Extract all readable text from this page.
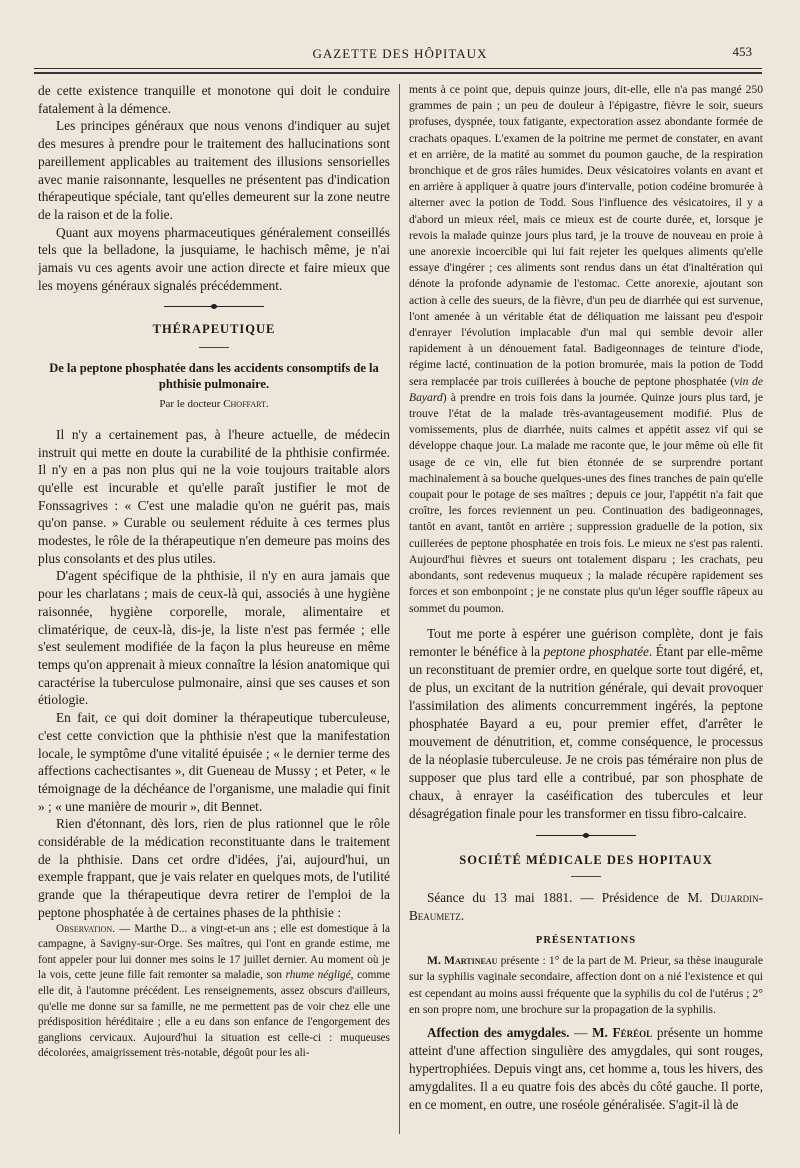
GAZETTE DES HÔPITAUX	453

de cette existence tranquille et monotone qui doit le conduire fatalement à la démence.

Les principes généraux que nous venons d'indiquer au sujet des mesures à prendre pour le traitement des hallucinations sont pareillement applicables au traitement des illusions sensorielles avec manie raisonnante, lesquelles ne présentent pas d'indication thérapeutique spéciale, tant qu'elles demeurent sur la zone neutre de la raison et de la folie.

Quant aux moyens pharmaceutiques généralement conseillés tels que la belladone, la jusquiame, le hachisch même, je n'ai jamais vu ces agents avoir une action directe et faire mieux que les moyens généraux signalés précédemment.

THÉRAPEUTIQUE
De la peptone phosphatée dans les accidents consomptifs de la phthisie pulmonaire.
Par le docteur Choffart.

Il n'y a certainement pas, à l'heure actuelle, de médecin instruit qui mette en doute la curabilité de la phthisie confirmée. Il n'y en a pas non plus qui ne la voie toujours traitable alors qu'elle est incurable et qu'elle paraît justifier le mot de Fonssagrives : « C'est une maladie qu'on ne guérit pas, mais qu'on panse. » Curable ou seulement réduite à ces termes plus modestes, le rôle de la thérapeutique n'en demeure pas moins des plus consolants et des plus utiles.

D'agent spécifique de la phthisie, il n'y en aura jamais que pour les charlatans ; mais de ceux-là qui, associés à une hygiène raisonnée, hygiène corporelle, morale, alimentaire et climatérique, de ceux-là, dis-je, la liste n'est pas fermée ; elle s'est seulement modifiée de la façon la plus heureuse en même temps qu'on apprenait à mieux connaître la lésion anatomique qui caractérise la tuberculose pulmonaire, ainsi que ses causes et son étiologie.

En fait, ce qui doit dominer la thérapeutique tuberculeuse, c'est cette conviction que la phthisie n'est que la manifestation locale, le symptôme d'une vitalité épuisée ; « le dernier terme des affections cachectisantes », dit Gueneau de Mussy ; et Peter, « le témoignage de la déchéance de l'organisme, une maladie qui finit » ; « une manière de mourir », dit Bennet.

Rien d'étonnant, dès lors, rien de plus rationnel que le rôle considérable de la médication reconstituante dans le traitement de la phthisie. Dans cet ordre d'idées, j'ai, aujourd'hui, un exemple frappant, que je vais relater en quelques mots, de l'utilité grande que la thérapeutique devra retirer de l'emploi de la peptone phosphatée à de certaines phases de la phthisie :

Observation. — Marthe D... a vingt-et-un ans ; elle est domestique à la campagne, à Savigny-sur-Orge. Ses maîtres, qui l'ont en grande estime, me font appeler pour lui donner mes soins le 17 juillet dernier. Au moment où je la vois, cette jeune fille fait remonter sa maladie, son rhume négligé, comme elle dit, à l'automne précédent. Les renseignements, assez obscurs d'ailleurs, qu'elle me donne sur sa famille, ne me permettent pas de voir chez elle une prédisposition héréditaire ; elle a eu dans son enfance de l'engorgement des ganglions cervicaux. Aujourd'hui la situation est celle-ci : muqueuses décolorées, amaigrissement très-notable, dégoût pour les ali-

ments à ce point que, depuis quinze jours, dit-elle, elle n'a pas mangé 250 grammes de pain ; un peu de douleur à l'épigastre, fièvre le soir, sueurs profuses, dyspnée, toux fatigante, expectoration assez abondante formée de crachats opaques. L'examen de la poitrine me permet de constater, en avant et en arrière, de la matité au sommet du poumon gauche, de la respiration bronchique et de gros râles humides. Deux vésicatoires volants en avant et en arrière à appliquer à quatre jours d'intervalle, potion codéine bromurée à alterner avec la potion de Todd. Sous l'influence des vésicatoires, il y a d'abord un mieux réel, mais ce mieux est de courte durée, et, lorsque je revois la malade quinze jours plus tard, je la trouve de nouveau en proie à une anorexie incoercible qui lui fait rejeter les quelques aliments qu'elle essaye d'ingérer ; ces aliments sont rendus dans un état d'inaltération qui dénote la profonde adynamie de l'estomac. Cette anorexie, ajoutant son action à celle des sueurs, de la fièvre, d'un peu de diarrhée qui est survenue, l'ont amenée à un véritable état de déliquation me laissant peu d'espoir d'enrayer l'évolution implacable d'un mal qui semble devoir aller rapidement à un dénouement fatal. Badigeonnages de teinture d'iode, régime lacté, continuation de la potion bromurée, mais la potion de Todd sera remplacée par trois cuillerées à bouche de peptone phosphatée (vin de Bayard) à prendre en trois fois dans la journée. Quinze jours plus tard, je trouve l'état de la malade très-avantageusement modifié. Plus de vomissements, plus de diarrhée, nuits calmes et appétit assez vif qui se développe chaque jour. La malade me raconte que, le jour même où elle fit usage de ce vin, elle fut bien étonnée de se surprendre portant machinalement à sa bouche quelques-unes des fines tranches de pain qu'elle coupait pour le potage de ses maîtres ; depuis ce jour, l'appétit n'a fait que croître, les forces reviennent un peu. Continuation des badigeonnages, tantôt en avant, tantôt en arrière ; suppression graduelle de la potion, six cuillerées de peptone phosphatée en trois fois. Le mieux ne s'est pas ralenti. Aujourd'hui fièvres et sueurs ont totalement disparu ; les crachats, peu abondants, sont redevenus muqueux ; la malade récupère rapidement ses forces et son embonpoint ; je ne constate plus qu'un léger souffle râpeux au sommet du poumon.

Tout me porte à espérer une guérison complète, dont je fais remonter le bénéfice à la peptone phosphatée. Étant par elle-même un reconstituant de premier ordre, en quelque sorte tout digéré, et, de plus, un excitant de la nutrition générale, qui devait provoquer l'assimilation des aliments concurremment ingérés, la peptone phosphatée Bayard a eu, pour premier effet, d'arrêter le mouvement de dénutrition, et, comme conséquence, le processus de la néoplasie tuberculeuse. Je ne crois pas téméraire non plus de supposer que plus tard elle a contribué, par son phosphate de chaux, à enrayer la caséification des tubercules et leur désagrégation finale pour les transformer en tissu fibro-calcaire.

SOCIÉTÉ MÉDICALE DES HOPITAUX

Séance du 13 mai 1881. — Présidence de M. Dujardin-Beaumetz.

PRÉSENTATIONS

M. Martineau présente : 1° de la part de M. Prieur, sa thèse inaugurale sur la syphilis vaginale secondaire, affection dont on a nié l'existence et qui est cependant au moins aussi fréquente que la syphilis du col de l'utérus ; 2° en son propre nom, une brochure sur la propagation de la syphilis.

Affection des amygdales. — M. Féréol présente un homme atteint d'une affection singulière des amygdales, qui sont rouges, hypertrophiées. Depuis vingt ans, cet homme a, tous les hivers, des amygdalites. Il a eu quatre fois des abcès du côté gauche. Il porte, en ce moment, en outre, une roséole généralisée. S'agit-il là de
